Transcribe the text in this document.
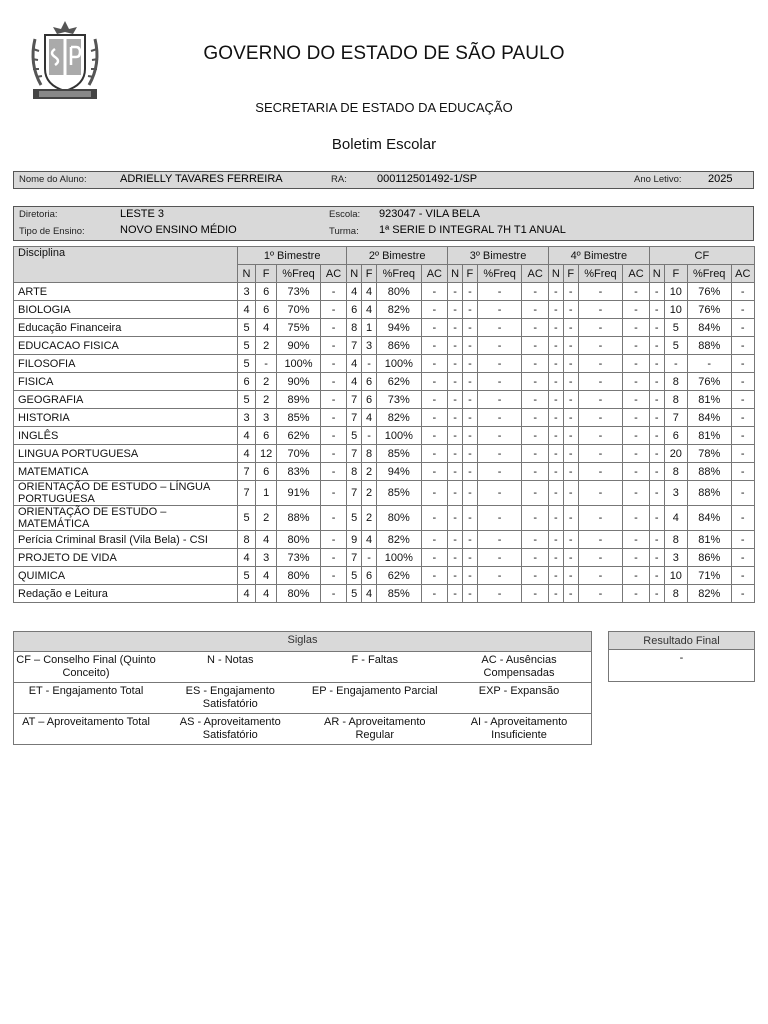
GOVERNO DO ESTADO DE SÃO PAULO
SECRETARIA DE ESTADO DA EDUCAÇÃO
Boletim Escolar
Nome do Aluno:	ADRIELLY TAVARES FERREIRA	RA:	000112501492-1/SP	Ano Letivo: 2025
Diretoria:	LESTE 3	Escola: 923047 - VILA BELA
Tipo de Ensino:	NOVO ENSINO MÉDIO	Turma: 1ª SERIE D INTEGRAL 7H T1 ANUAL
Disciplina	1º Bimestre				2º Bimestre				3º Bimestre				4º Bimestre				CF			
	N	F	%Freq	AC	N	F	%Freq	AC	N	F	%Freq	AC	N	F	%Freq	AC	N	F	%Freq	AC
ARTE	3	6	73%	-	4	4	80%	-	-	-	-	-	-	-	-	-	-	10	76%	-
BIOLOGIA	4	6	70%	-	6	4	82%	-	-	-	-	-	-	-	-	-	-	10	76%	-
Educação Financeira	5	4	75%	-	8	1	94%	-	-	-	-	-	-	-	-	-	-	5	84%	-
EDUCACAO FISICA	5	2	90%	-	7	3	86%	-	-	-	-	-	-	-	-	-	-	5	88%	-
FILOSOFIA	5	-	100%	-	4	-	100%	-	-	-	-	-	-	-	-	-	-	-	-	-
FISICA	6	2	90%	-	4	6	62%	-	-	-	-	-	-	-	-	-	-	8	76%	-
GEOGRAFIA	5	2	89%	-	7	6	73%	-	-	-	-	-	-	-	-	-	-	8	81%	-
HISTORIA	3	3	85%	-	7	4	82%	-	-	-	-	-	-	-	-	-	-	7	84%	-
INGLÊS	4	6	62%	-	5	-	100%	-	-	-	-	-	-	-	-	-	-	6	81%	-
LINGUA PORTUGUESA	4	12	70%	-	7	8	85%	-	-	-	-	-	-	-	-	-	-	20	78%	-
MATEMATICA	7	6	83%	-	8	2	94%	-	-	-	-	-	-	-	-	-	-	8	88%	-
ORIENTAÇÃO DE ESTUDO – LÍNGUA PORTUGUESA	7	1	91%	-	7	2	85%	-	-	-	-	-	-	-	-	-	-	3	88%	-
ORIENTAÇÃO DE ESTUDO – MATEMÁTICA	5	2	88%	-	5	2	80%	-	-	-	-	-	-	-	-	-	-	4	84%	-
Perícia Criminal Brasil (Vila Bela) - CSI	8	4	80%	-	9	4	82%	-	-	-	-	-	-	-	-	-	-	8	81%	-
PROJETO DE VIDA	4	3	73%	-	7	-	100%	-	-	-	-	-	-	-	-	-	-	3	86%	-
QUIMICA	5	4	80%	-	5	6	62%	-	-	-	-	-	-	-	-	-	-	10	71%	-
Redação e Leitura	4	4	80%	-	5	4	85%	-	-	-	-	-	-	-	-	-	-	8	82%	-
Siglas			
CF – Conselho Final (Quinto Conceito)	N - Notas	F - Faltas	AC - Ausências Compensadas
ET - Engajamento Total	ES - Engajamento Satisfatório	EP - Engajamento Parcial	EXP - Expansão
AT – Aproveitamento Total	AS - Aproveitamento Satisfatório	AR - Aproveitamento Regular	AI - Aproveitamento Insuficiente
Resultado Final
-
